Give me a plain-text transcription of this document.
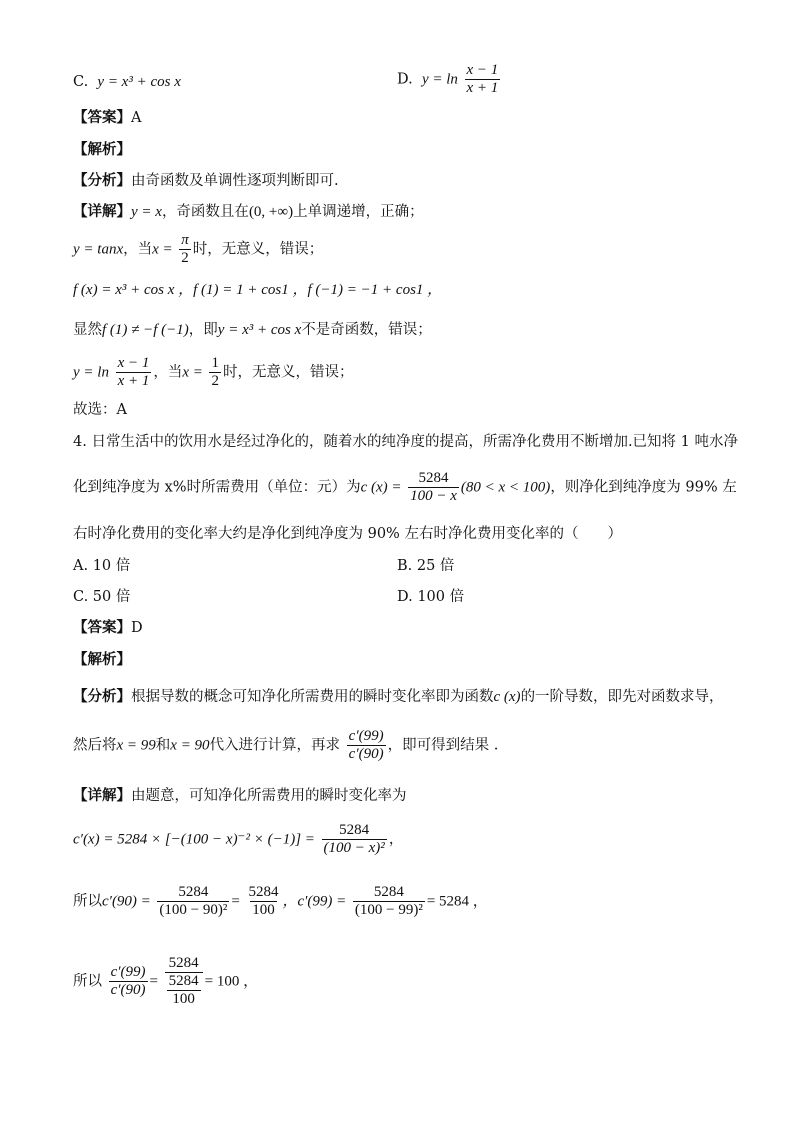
C. y = x³ + cos x	D. $y = \ln \frac{x - 1}{x + 1}$
【答案】A
【解析】
【分析】由奇函数及单调性逐项判断即可.
【详解】y = x，奇函数且在(0, +∞)上单调递增，正确；
y = tanx，当$x = \frac{\pi}{2}$ 时，无意义，错误；
f (x) = x³ + cos x ，f (1) = 1 + cos1 ，f (−1) = −1 + cos1 ，
显然f (1) ≠ −f (−1)，即y = x³ + cos x不是奇函数，错误；
$y = \ln \frac{x - 1}{x + 1}$ ，当$x = \frac{1}{2}$ 时，无意义，错误；
故选：A
4. 日常生活中的饮用水是经过净化的，随着水的纯净度的提高，所需净化费用不断增加.已知将 1 吨水净
化到纯净度为 x%时所需费用（单位：元）为c $(x) = \frac{5284}{100 - x} (80 < x < 100)$，则净化到纯净度为 99% 左
右时净化费用的变化率大约是净化到纯净度为 90% 左右时净化费用变化率的（　　）
A. 10 倍	B. 25 倍
C. 50 倍	D. 100 倍
【答案】D
【解析】
【分析】根据导数的概念可知净化所需费用的瞬时变化率即为函数c (x)的一阶导数，即先对函数求导，
然后将x = 99和x = 90代入进行计算，再求 $\frac{c'(99)}{c'(90)}$ ，即可得到结果 .
【详解】由题意，可知净化所需费用的瞬时变化率为
$c'(x) = 5284 \times [-(100 - x)^{-2} \times (-1)] = \frac{5284}{\text{(100 − x)²}}$ ，
所以$c'(90) = \frac{5284}{\text{(100 − 90)²}} = \frac{5284}{100}$ ，$c'(99) = \frac{5284}{\text{(100 − 99)²}} = 5284$ ，
所以 $\frac{c'(99)}{c'(90)} = 5284$
5284
100 = 100 ，
